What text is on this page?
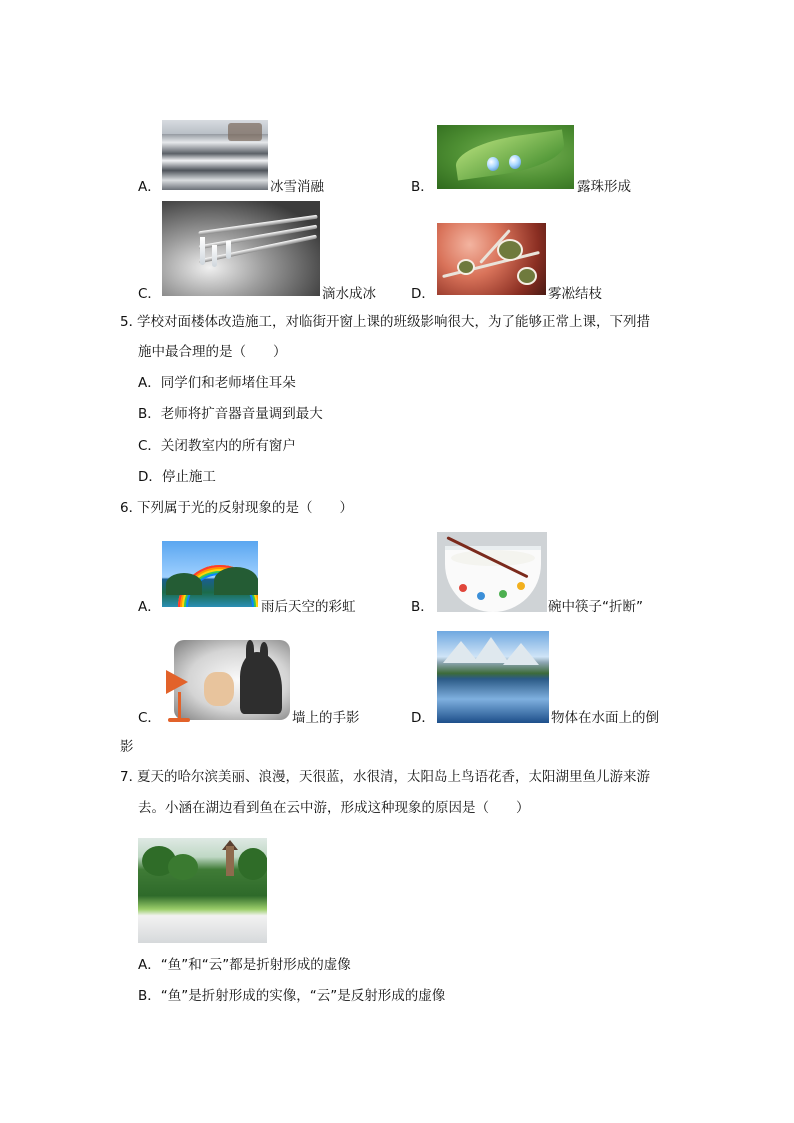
A．	冰雪消融	B．	露珠形成
C．	滴水成冰	D．	雾凇结枝
5．
学校对面楼体改造施工，对临街开窗上课的班级影响很大，为了能够正常上课，下列措
施中最合理的是（　　）
A．同学们和老师堵住耳朵
B．老师将扩音器音量调到最大
C．关闭教室内的所有窗户
D．停止施工
6．
下列属于光的反射现象的是（　　）
A．	雨后天空的彩虹	B．	碗中筷子“折断”
C．	墙上的手影	D．	物体在水面上的倒
影
7．
夏天的哈尔滨美丽、浪漫，天很蓝，水很清，太阳岛上鸟语花香，太阳湖里鱼儿游来游
去。小涵在湖边看到鱼在云中游，形成这种现象的原因是（　　）
A．“鱼”和“云”都是折射形成的虚像
B．“鱼”是折射形成的实像，“云”是反射形成的虚像
